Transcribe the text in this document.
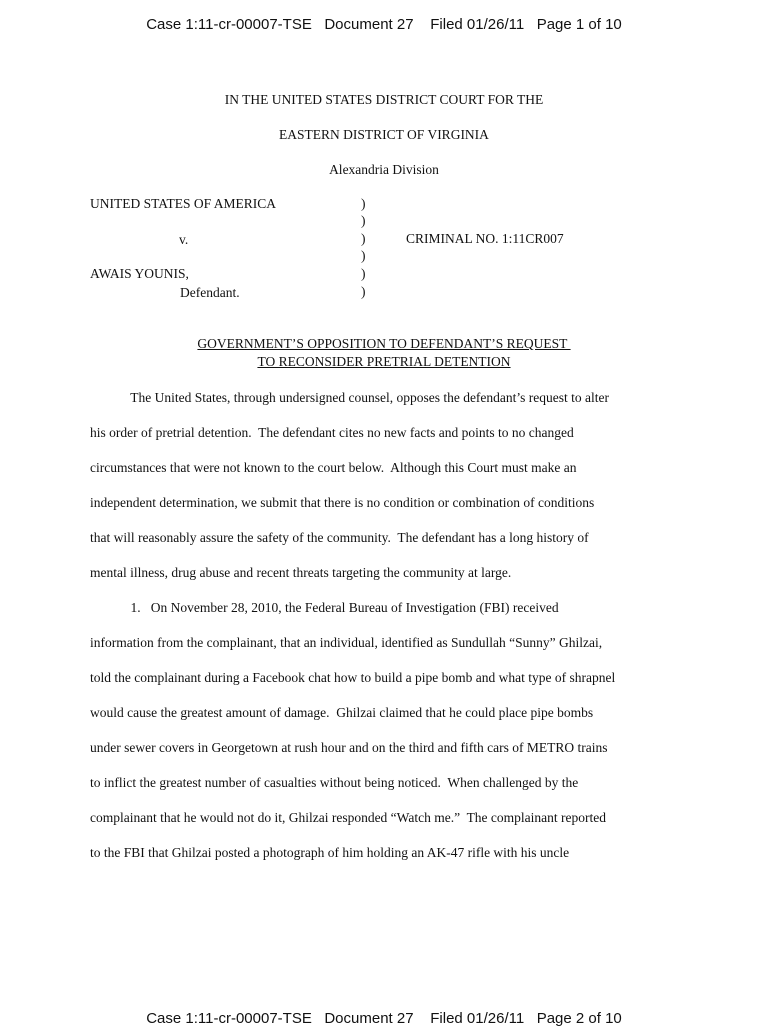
Case 1:11-cr-00007-TSE   Document 27    Filed 01/26/11   Page 1 of 10
IN THE UNITED STATES DISTRICT COURT FOR THE
EASTERN DISTRICT OF VIRGINIA
Alexandria Division
UNITED STATES OF AMERICA
v.
AWAIS YOUNIS,
Defendant.
CRIMINAL NO. 1:11CR007
)
)
)
)
)
)
GOVERNMENT’S OPPOSITION TO DEFENDANT’S REQUEST
TO RECONSIDER PRETRIAL DETENTION
The United States, through undersigned counsel, opposes the defendant’s request to alter
his order of pretrial detention.  The defendant cites no new facts and points to no changed
circumstances that were not known to the court below.  Although this Court must make an
independent determination, we submit that there is no condition or combination of conditions
that will reasonably assure the safety of the community.  The defendant has a long history of
mental illness, drug abuse and recent threats targeting the community at large.
1.   On November 28, 2010, the Federal Bureau of Investigation (FBI) received
information from the complainant, that an individual, identified as Sundullah “Sunny” Ghilzai,
told the complainant during a Facebook chat how to build a pipe bomb and what type of shrapnel
would cause the greatest amount of damage.  Ghilzai claimed that he could place pipe bombs
under sewer covers in Georgetown at rush hour and on the third and fifth cars of METRO trains
to inflict the greatest number of casualties without being noticed.  When challenged by the
complainant that he would not do it, Ghilzai responded “Watch me.”  The complainant reported
to the FBI that Ghilzai posted a photograph of him holding an AK-47 rifle with his uncle
Case 1:11-cr-00007-TSE   Document 27    Filed 01/26/11   Page 2 of 10
